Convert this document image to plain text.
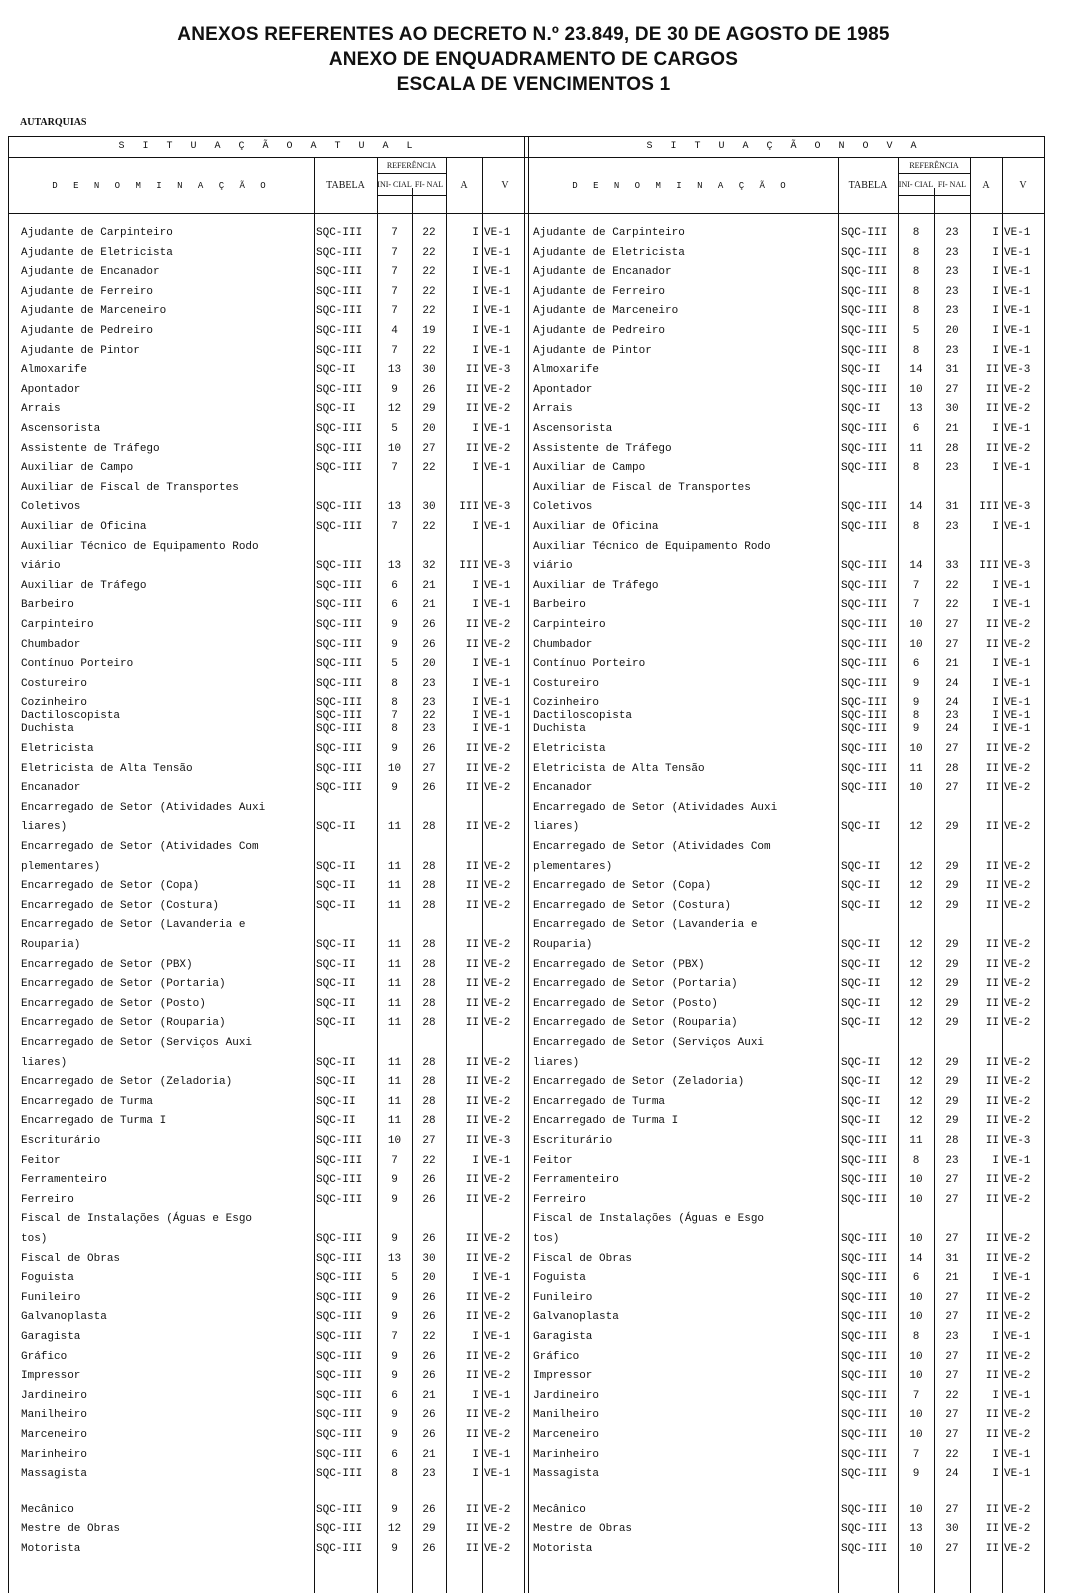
ANEXOS REFERENTES AO DECRETO N.º 23.849, DE 30 DE AGOSTO DE 1985
ANEXO DE ENQUADRAMENTO DE CARGOS
ESCALA DE VENCIMENTOS 1
AUTARQUIAS
S I T U A Ç Ã O A T U A L
D E N O M I N A Ç Ã O	TABELA
REFERÊNCIA
INI- CIAL FI- NAL	A	V
Ajudante de Carpinteiro	SQC-III	7	22	I VE-1
Ajudante de Eletricista	SQC-III	7	22	I VE-1
Ajudante de Encanador	SQC-III	7	22	I VE-1
Ajudante de Ferreiro	SQC-III	7	22	I VE-1
Ajudante de Marceneiro	SQC-III	7	22	I VE-1
Ajudante de Pedreiro	SQC-III	4	19	I VE-1
Ajudante de Pintor	SQC-III	7	22	I VE-1
Almoxarife	SQC-II	13	30	II VE-3
Apontador	SQC-III	9	26	II VE-2
Arrais	SQC-II	12	29	II VE-2
Ascensorista	SQC-III	5	20	I VE-1
Assistente de Tráfego	SQC-III	10	27	II VE-2
Auxiliar de Campo	SQC-III	7	22	I VE-1
Auxiliar de Fiscal de Transportes
Coletivos	SQC-III	13	30	III VE-3
Auxiliar de Oficina	SQC-III	7	22	I VE-1
Auxiliar Técnico de Equipamento Rodo
viário	SQC-III	13	32	III VE-3
Auxiliar de Tráfego	SQC-III	6	21	I VE-1
Barbeiro	SQC-III	6	21	I VE-1
Carpinteiro	SQC-III	9	26	II VE-2
Chumbador	SQC-III	9	26	II VE-2
Contínuo Porteiro	SQC-III	5	20	I VE-1
Costureiro	SQC-III	8	23	I VE-1
Cozinheiro	SQC-III	8	23	I VE-1
Dactiloscopista	SQC-III	7	22	I VE-1
Duchista	SQC-III	8	23	I VE-1
Eletricista	SQC-III	9	26	II VE-2
Eletricista de Alta Tensão	SQC-III	10	27	II VE-2
Encanador	SQC-III	9	26	II VE-2
Encarregado de Setor (Atividades Auxi
liares)	SQC-II	11	28	II VE-2
Encarregado de Setor (Atividades Com
plementares)	SQC-II	11	28	II VE-2
Encarregado de Setor (Copa)	SQC-II	11	28	II VE-2
Encarregado de Setor (Costura)	SQC-II	11	28	II VE-2
Encarregado de Setor (Lavanderia e
Rouparia)	SQC-II	11	28	II VE-2
Encarregado de Setor (PBX)	SQC-II	11	28	II VE-2
Encarregado de Setor (Portaria)	SQC-II	11	28	II VE-2
Encarregado de Setor (Posto)	SQC-II	11	28	II VE-2
Encarregado de Setor (Rouparia)	SQC-II	11	28	II VE-2
Encarregado de Setor (Serviços Auxi
liares)	SQC-II	11	28	II VE-2
Encarregado de Setor (Zeladoria)	SQC-II	11	28	II VE-2
Encarregado de Turma	SQC-II	11	28	II VE-2
Encarregado de Turma I	SQC-II	11	28	II VE-2
Escriturário	SQC-III	10	27	II VE-3
Feitor	SQC-III	7	22	I VE-1
Ferramenteiro	SQC-III	9	26	II VE-2
Ferreiro	SQC-III	9	26	II VE-2
Fiscal de Instalações (Águas e Esgo
tos)	SQC-III	9	26	II VE-2
Fiscal de Obras	SQC-III	13	30	II VE-2
Foguista	SQC-III	5	20	I VE-1
Funileiro	SQC-III	9	26	II VE-2
Galvanoplasta	SQC-III	9	26	II VE-2
Garagista	SQC-III	7	22	I VE-1
Gráfico	SQC-III	9	26	II VE-2
Impressor	SQC-III	9	26	II VE-2
Jardineiro	SQC-III	6	21	I VE-1
Manilheiro	SQC-III	9	26	II VE-2
Marceneiro	SQC-III	9	26	II VE-2
Marinheiro	SQC-III	6	21	I VE-1
Massagista	SQC-III	8	23	I VE-1
Mecânico	SQC-III	9	26	II VE-2
Mestre de Obras	SQC-III	12	29	II VE-2
Motorista	SQC-III	9	26	II VE-2
S I T U A Ç Ã O N O V A
D E N O M I N A Ç Ã O	TABELA
REFERÊNCIA
INI- CIAL FI- NAL	A	V
Ajudante de Carpinteiro	SQC-III	8	23	I VE-1
Ajudante de Eletricista	SQC-III	8	23	I VE-1
Ajudante de Encanador	SQC-III	8	23	I VE-1
Ajudante de Ferreiro	SQC-III	8	23	I VE-1
Ajudante de Marceneiro	SQC-III	8	23	I VE-1
Ajudante de Pedreiro	SQC-III	5	20	I VE-1
Ajudante de Pintor	SQC-III	8	23	I VE-1
Almoxarife	SQC-II	14	31	II VE-3
Apontador	SQC-III	10	27	II VE-2
Arrais	SQC-II	13	30	II VE-2
Ascensorista	SQC-III	6	21	I VE-1
Assistente de Tráfego	SQC-III	11	28	II VE-2
Auxiliar de Campo	SQC-III	8	23	I VE-1
Auxiliar de Fiscal de Transportes
Coletivos	SQC-III	14	31	III VE-3
Auxiliar de Oficina	SQC-III	8	23	I VE-1
Auxiliar Técnico de Equipamento Rodo
viário	SQC-III	14	33	III VE-3
Auxiliar de Tráfego	SQC-III	7	22	I VE-1
Barbeiro	SQC-III	7	22	I VE-1
Carpinteiro	SQC-III	10	27	II VE-2
Chumbador	SQC-III	10	27	II VE-2
Contínuo Porteiro	SQC-III	6	21	I VE-1
Costureiro	SQC-III	9	24	I VE-1
Cozinheiro	SQC-III	9	24	I VE-1
Dactiloscopista	SQC-III	8	23	I VE-1
Duchista	SQC-III	9	24	I VE-1
Eletricista	SQC-III	10	27	II VE-2
Eletricista de Alta Tensão	SQC-III	11	28	II VE-2
Encanador	SQC-III	10	27	II VE-2
Encarregado de Setor (Atividades Auxi
liares)	SQC-II	12	29	II VE-2
Encarregado de Setor (Atividades Com
plementares)	SQC-II	12	29	II VE-2
Encarregado de Setor (Copa)	SQC-II	12	29	II VE-2
Encarregado de Setor (Costura)	SQC-II	12	29	II VE-2
Encarregado de Setor (Lavanderia e
Rouparia)	SQC-II	12	29	II VE-2
Encarregado de Setor (PBX)	SQC-II	12	29	II VE-2
Encarregado de Setor (Portaria)	SQC-II	12	29	II VE-2
Encarregado de Setor (Posto)	SQC-II	12	29	II VE-2
Encarregado de Setor (Rouparia)	SQC-II	12	29	II VE-2
Encarregado de Setor (Serviços Auxi
liares)	SQC-II	12	29	II VE-2
Encarregado de Setor (Zeladoria)	SQC-II	12	29	II VE-2
Encarregado de Turma	SQC-II	12	29	II VE-2
Encarregado de Turma I	SQC-II	12	29	II VE-2
Escriturário	SQC-III	11	28	II VE-3
Feitor	SQC-III	8	23	I VE-1
Ferramenteiro	SQC-III	10	27	II VE-2
Ferreiro	SQC-III	10	27	II VE-2
Fiscal de Instalações (Águas e Esgo
tos)	SQC-III	10	27	II VE-2
Fiscal de Obras	SQC-III	14	31	II VE-2
Foguista	SQC-III	6	21	I VE-1
Funileiro	SQC-III	10	27	II VE-2
Galvanoplasta	SQC-III	10	27	II VE-2
Garagista	SQC-III	8	23	I VE-1
Gráfico	SQC-III	10	27	II VE-2
Impressor	SQC-III	10	27	II VE-2
Jardineiro	SQC-III	7	22	I VE-1
Manilheiro	SQC-III	10	27	II VE-2
Marceneiro	SQC-III	10	27	II VE-2
Marinheiro	SQC-III	7	22	I VE-1
Massagista	SQC-III	9	24	I VE-1
Mecânico	SQC-III	10	27	II VE-2
Mestre de Obras	SQC-III	13	30	II VE-2
Motorista	SQC-III	10	27	II VE-2
